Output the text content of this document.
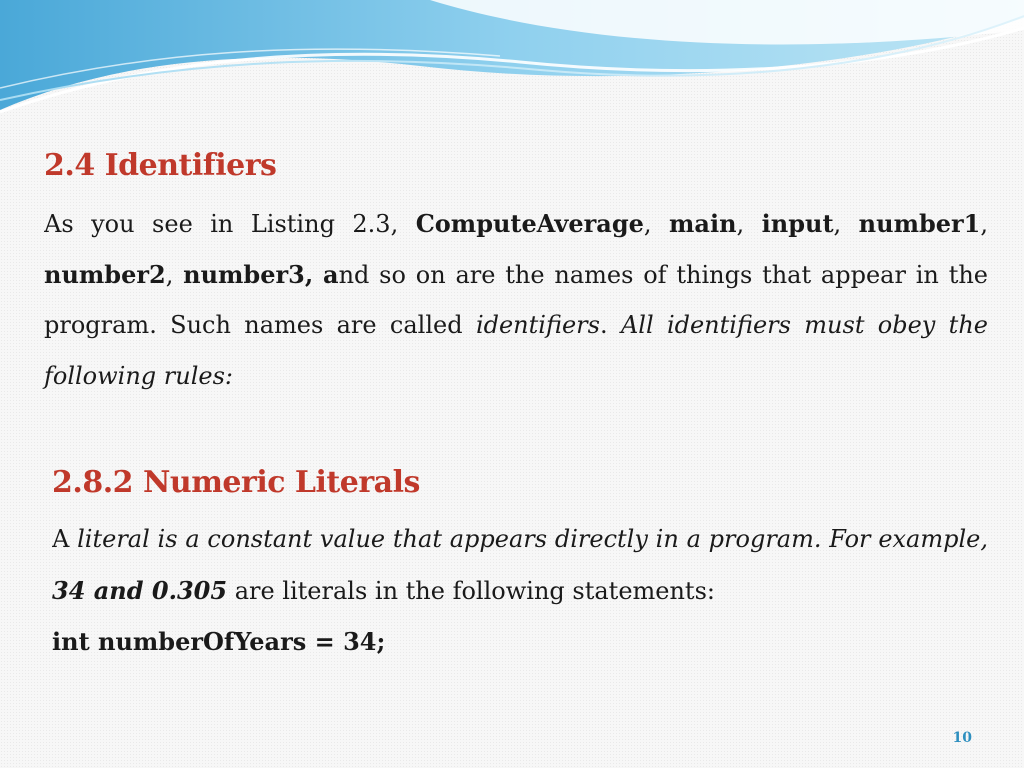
2.4 Identifiers
As you see in Listing 2.3, ComputeAverage, main, input, number1,
number2, number3, and so on are the names of things that appear in the
program. Such names are called identifiers. All identifiers must obey the
following rules:
2.8.2 Numeric Literals
A literal is a constant value that appears directly in a program. For example,
34 and 0.305 are literals in the following statements:
int numberOfYears = 34;
10
